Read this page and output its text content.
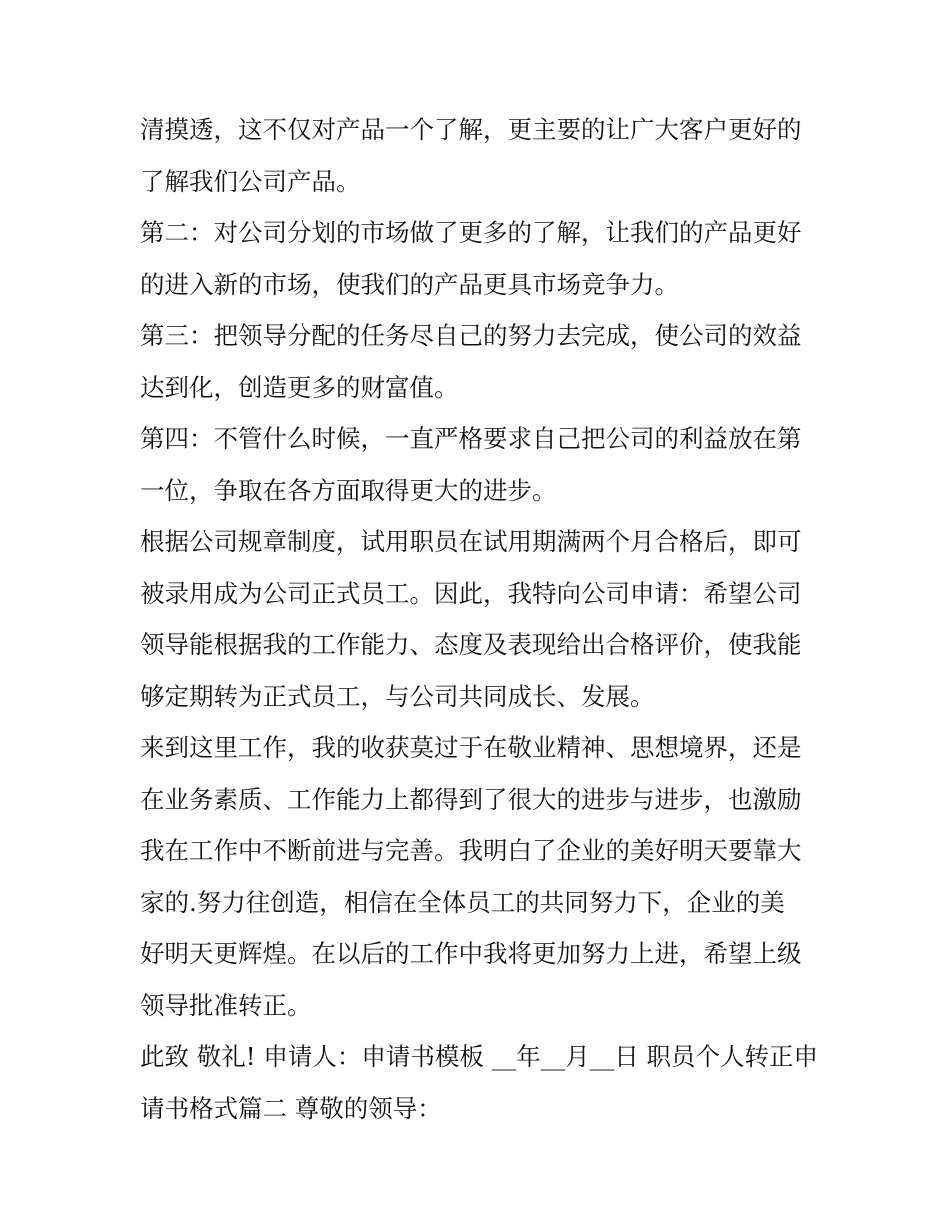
清摸透，这不仅对产品一个了解，更主要的让广大客户更好的
了解我们公司产品。

第二：对公司分划的市场做了更多的了解，让我们的产品更好
的进入新的市场，使我们的产品更具市场竞争力。

第三：把领导分配的任务尽自己的努力去完成，使公司的效益
达到化，创造更多的财富值。

第四：不管什么时候，一直严格要求自己把公司的利益放在第
一位，争取在各方面取得更大的进步。

根据公司规章制度，试用职员在试用期满两个月合格后，即可
被录用成为公司正式员工。因此，我特向公司申请：希望公司
领导能根据我的工作能力、态度及表现给出合格评价，使我能
够定期转为正式员工，与公司共同成长、发展。

来到这里工作，我的收获莫过于在敬业精神、思想境界，还是
在业务素质、工作能力上都得到了很大的进步与进步，也激励
我在工作中不断前进与完善。我明白了企业的美好明天要靠大
家的.努力往创造，相信在全体员工的共同努力下，企业的美
好明天更辉煌。在以后的工作中我将更加努力上进，希望上级
领导批准转正。

此致 敬礼! 申请人：申请书模板 __年__月__日 职员个人转正申
请书格式篇二 尊敬的领导：
